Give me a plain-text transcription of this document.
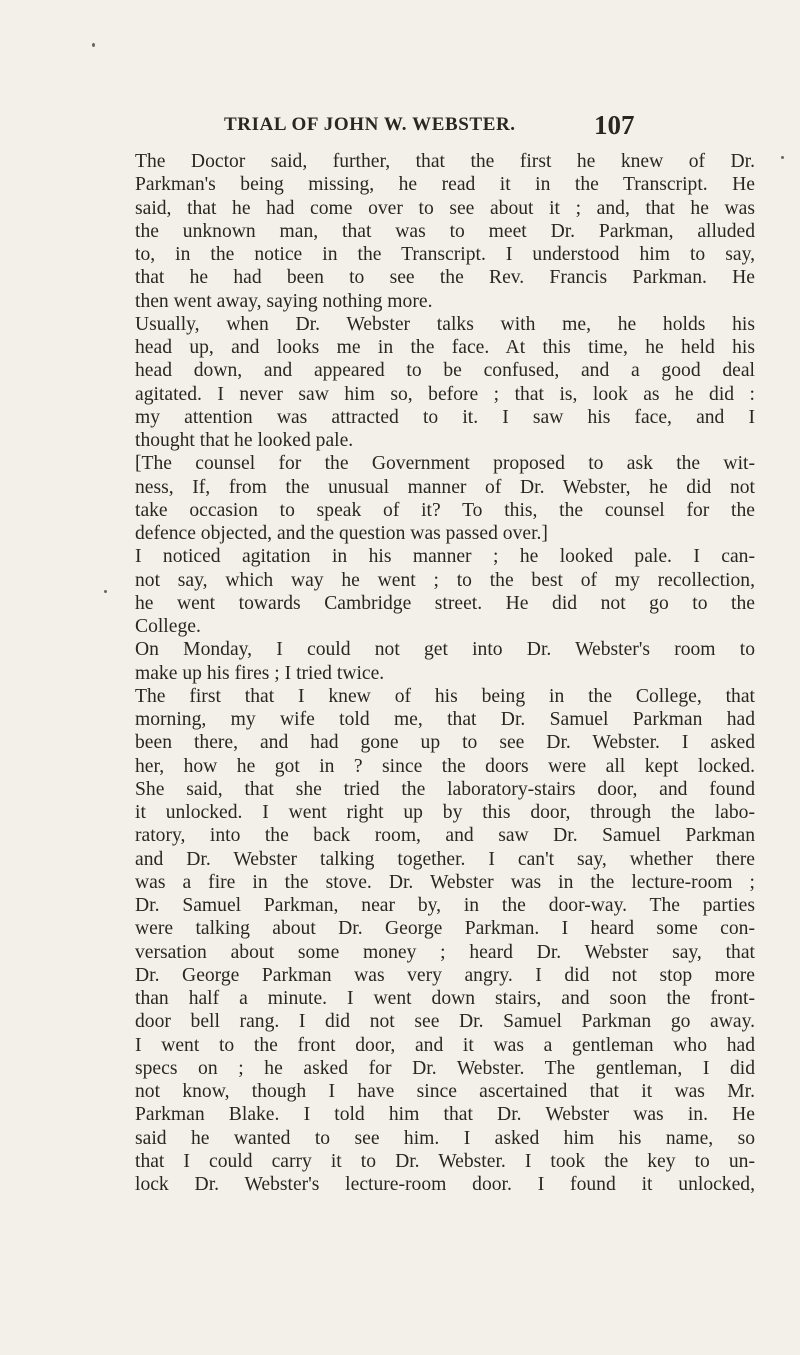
TRIAL OF JOHN W. WEBSTER.	107
The Doctor said, further, that the first he knew of Dr.
Parkman's being missing, he read it in the Transcript. He
said, that he had come over to see about it ; and, that he was
the unknown man, that was to meet Dr. Parkman, alluded
to, in the notice in the Transcript. I understood him to say,
that he had been to see the Rev. Francis Parkman. He
then went away, saying nothing more.
Usually, when Dr. Webster talks with me, he holds his
head up, and looks me in the face. At this time, he held his
head down, and appeared to be confused, and a good deal
agitated. I never saw him so, before ; that is, look as he did :
my attention was attracted to it. I saw his face, and I
thought that he looked pale.
[The counsel for the Government proposed to ask the wit-
ness, If, from the unusual manner of Dr. Webster, he did not
take occasion to speak of it? To this, the counsel for the
defence objected, and the question was passed over.]
I noticed agitation in his manner ; he looked pale. I can-
not say, which way he went ; to the best of my recollection,
he went towards Cambridge street. He did not go to the
College.
On Monday, I could not get into Dr. Webster's room to
make up his fires ; I tried twice.
The first that I knew of his being in the College, that
morning, my wife told me, that Dr. Samuel Parkman had
been there, and had gone up to see Dr. Webster. I asked
her, how he got in ? since the doors were all kept locked.
She said, that she tried the laboratory-stairs door, and found
it unlocked. I went right up by this door, through the labo-
ratory, into the back room, and saw Dr. Samuel Parkman
and Dr. Webster talking together. I can't say, whether there
was a fire in the stove. Dr. Webster was in the lecture-room ;
Dr. Samuel Parkman, near by, in the door-way. The parties
were talking about Dr. George Parkman. I heard some con-
versation about some money ; heard Dr. Webster say, that
Dr. George Parkman was very angry. I did not stop more
than half a minute. I went down stairs, and soon the front-
door bell rang. I did not see Dr. Samuel Parkman go away.
I went to the front door, and it was a gentleman who had
specs on ; he asked for Dr. Webster. The gentleman, I did
not know, though I have since ascertained that it was Mr.
Parkman Blake. I told him that Dr. Webster was in. He
said he wanted to see him. I asked him his name, so
that I could carry it to Dr. Webster. I took the key to un-
lock Dr. Webster's lecture-room door. I found it unlocked,
